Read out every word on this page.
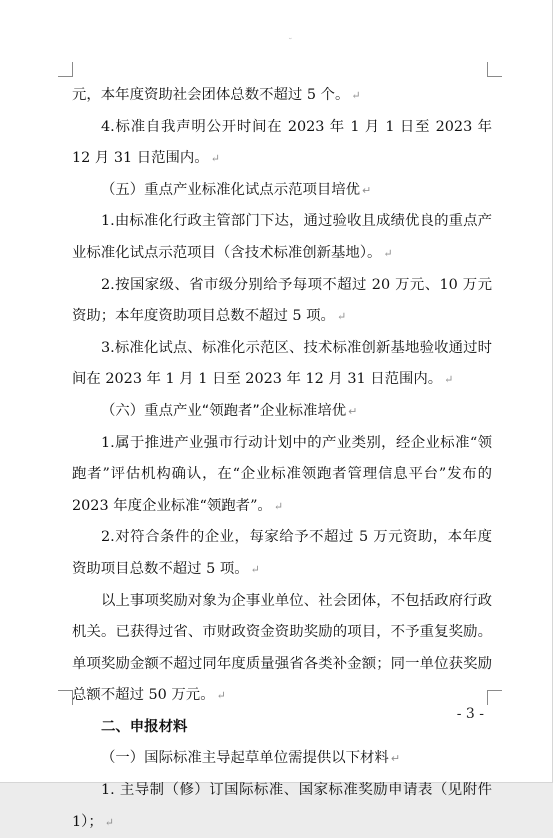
˘

元，本年度资助社会团体总数不超过 5 个。 ↵

4.标准自我声明公开时间在 2023 年 1 月 1 日至 2023 年 12 月 31 日范围内。 ↵

（五）重点产业标准化试点示范项目培优 ↵

1.由标准化行政主管部门下达，通过验收且成绩优良的重点产业标准化试点示范项目（含技术标准创新基地）。 ↵

2.按国家级、省市级分别给予每项不超过 20 万元、10 万元资助；本年度资助项目总数不超过 5 项。 ↵

3.标准化试点、标准化示范区、技术标准创新基地验收通过时间在 2023 年 1 月 1 日至 2023 年 12 月 31 日范围内。 ↵

（六）重点产业“领跑者”企业标准培优 ↵

1.属于推进产业强市行动计划中的产业类别，经企业标准“领跑者”评估机构确认，在“企业标准领跑者管理信息平台”发布的 2023 年度企业标准“领跑者”。 ↵

2.对符合条件的企业，每家给予不超过 5 万元资助，本年度资助项目总数不超过 5 项。 ↵

以上事项奖励对象为企事业单位、社会团体，不包括政府行政机关。已获得过省、市财政资金资助奖励的项目，不予重复奖励。单项奖励金额不超过同年度质量强省各类补金额；同一单位获奖励总额不超过 50 万元。 ↵

二、申报材料

（一）国际标准主导起草单位需提供以下材料 ↵

1. 主导制（修）订国际标准、国家标准奖励申请表（见附件 1）； ↵

- 3 -
